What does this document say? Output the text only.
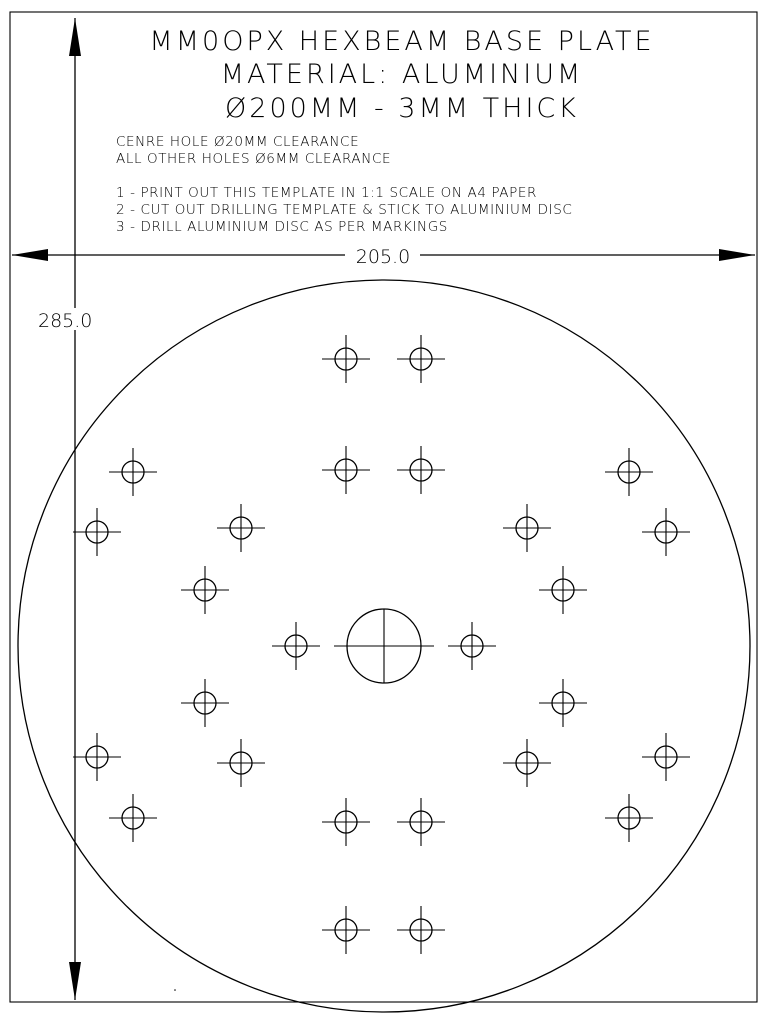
MM0OPX HEXBEAM BASE PLATE
MATERIAL: ALUMINIUM
Ø200MM - 3MM THICK
CENRE HOLE Ø20MM CLEARANCE
ALL OTHER HOLES Ø6MM CLEARANCE
1 - PRINT OUT THIS TEMPLATE IN 1:1 SCALE ON A4 PAPER
2 - CUT OUT DRILLING TEMPLATE & STICK TO ALUMINIUM DISC
3 - DRILL ALUMINIUM DISC AS PER MARKINGS
205.0
285.0
